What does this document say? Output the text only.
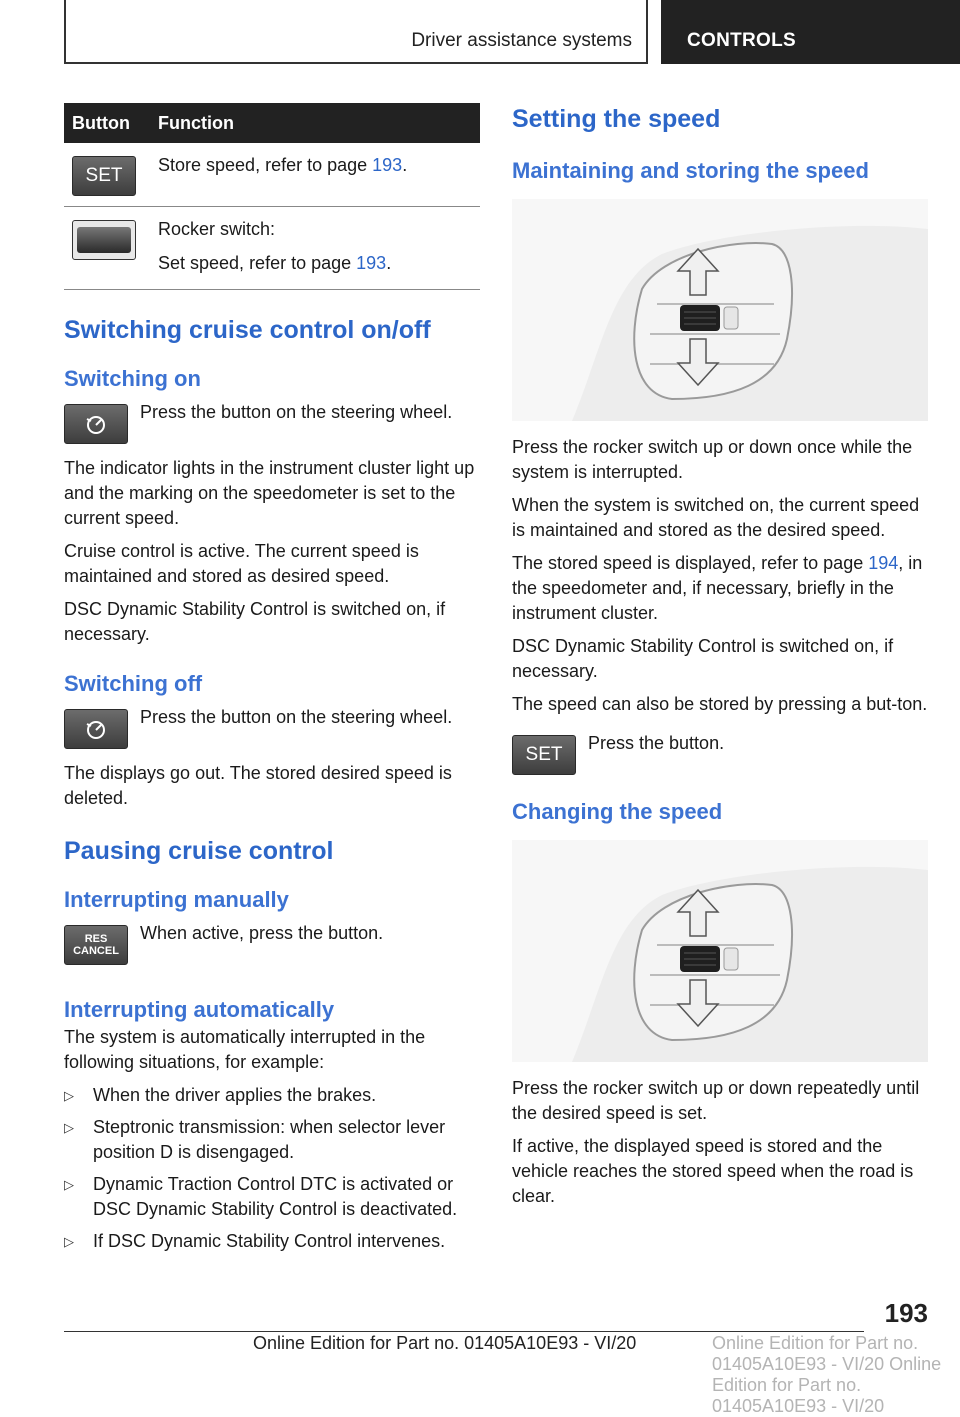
Driver assistance systems	CONTROLS
Button	Function
SET	Store speed, refer to page 193.

	Rocker switch:

Set speed, refer to page 193.

Switching cruise control on/off
Switching on
Press the button on the steering wheel.

The indicator lights in the instrument cluster light up and the marking on the speedometer is set to the current speed.

Cruise control is active. The current speed is maintained and stored as desired speed.

DSC Dynamic Stability Control is switched on, if necessary.

Switching off
Press the button on the steering wheel.

The displays go out. The stored desired speed is deleted.

Pausing cruise control
Interrupting manually
RES
CANCEL
When active, press the button.
Interrupting automatically

The system is automatically interrupted in the following situations, for example:

▷ When the driver applies the brakes.
▷ Steptronic transmission: when selector lever position D is disengaged.
▷ Dynamic Traction Control DTC is activated or DSC Dynamic Stability Control is deactivated.
▷ If DSC Dynamic Stability Control intervenes.
Setting the speed
Maintaining and storing the speed

Press the rocker switch up or down once while the system is interrupted.

When the system is switched on, the current speed is maintained and stored as the desired speed.

The stored speed is displayed, refer to page 194, in the speedometer and, if necessary, briefly in the instrument cluster.

DSC Dynamic Stability Control is switched on, if necessary.

The speed can also be stored by pressing a but‐ton.

SET
Press the button.
Changing the speed

Press the rocker switch up or down repeatedly until the desired speed is set.

If active, the displayed speed is stored and the vehicle reaches the stored speed when the road is clear.

193
Online Edition for Part no. 01405A10E93 - VI/20	Online Edition for Part no. 01405A10E93 - VI/20 Online Edition for Part no. 01405A10E93 - VI/20
